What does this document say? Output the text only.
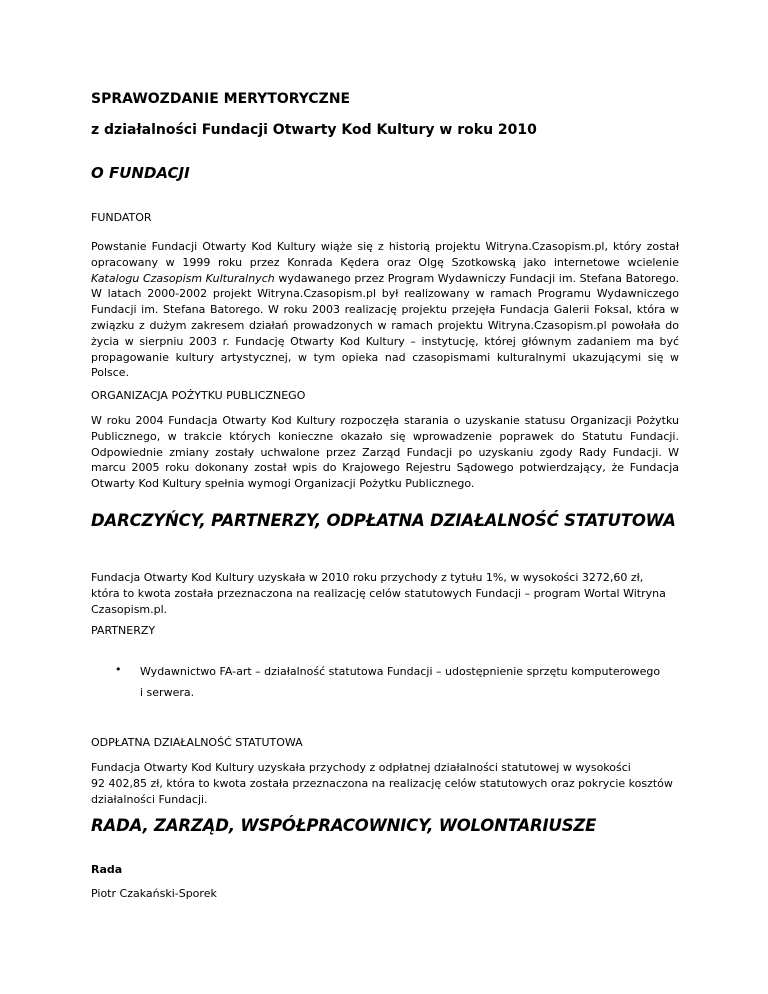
SPRAWOZDANIE MERYTORYCZNE

z działalności Fundacji Otwarty Kod Kultury w roku 2010

O FUNDACJI

FUNDATOR

Powstanie Fundacji Otwarty Kod Kultury wiąże się z historią projektu Witryna.Czasopism.pl, który został opracowany w 1999 roku przez Konrada Kędera oraz Olgę Szotkowską jako internetowe wcielenie Katalogu Czasopism Kulturalnych wydawanego przez Program Wydawniczy Fundacji im. Stefana Batorego. W latach 2000-2002 projekt Witryna.Czasopism.pl był realizowany w ramach Programu Wydawniczego Fundacji im. Stefana Batorego. W roku 2003 realizację projektu przejęła Fundacja Galerii Foksal, która w związku z dużym zakresem działań prowadzonych w ramach projektu Witryna.Czasopism.pl powołała do życia w sierpniu 2003 r. Fundację Otwarty Kod Kultury – instytucję, której głównym zadaniem ma być propagowanie kultury artystycznej, w tym opieka nad czasopismami kulturalnymi ukazującymi się w Polsce.

ORGANIZACJA POŻYTKU PUBLICZNEGO

W roku 2004 Fundacja Otwarty Kod Kultury rozpoczęła starania o uzyskanie statusu Organizacji Pożytku Publicznego, w trakcie których konieczne okazało się wprowadzenie poprawek do Statutu Fundacji. Odpowiednie zmiany zostały uchwalone przez Zarząd Fundacji po uzyskaniu zgody Rady Fundacji. W marcu 2005 roku dokonany został wpis do Krajowego Rejestru Sądowego potwierdzający, że Fundacja Otwarty Kod Kultury spełnia wymogi Organizacji Pożytku Publicznego.

DARCZYŃCY, PARTNERZY, ODPŁATNA DZIAŁALNOŚĆ STATUTOWA

Fundacja Otwarty Kod Kultury uzyskała w 2010 roku przychody z tytułu 1%, w wysokości 3272,60 zł,
która to kwota została przeznaczona na realizację celów statutowych Fundacji – program Wortal Witryna
Czasopism.pl.

PARTNERZY

• Wydawnictwo FA-art – działalność statutowa Fundacji – udostępnienie sprzętu komputerowego
i serwera.

ODPŁATNA DZIAŁALNOŚĆ STATUTOWA

Fundacja Otwarty Kod Kultury uzyskała przychody z odpłatnej działalności statutowej w wysokości
92 402,85 zł, która to kwota została przeznaczona na realizację celów statutowych oraz pokrycie kosztów
działalności Fundacji.

RADA, ZARZĄD, WSPÓŁPRACOWNICY, WOLONTARIUSZE

Rada

Piotr Czakański-Sporek
